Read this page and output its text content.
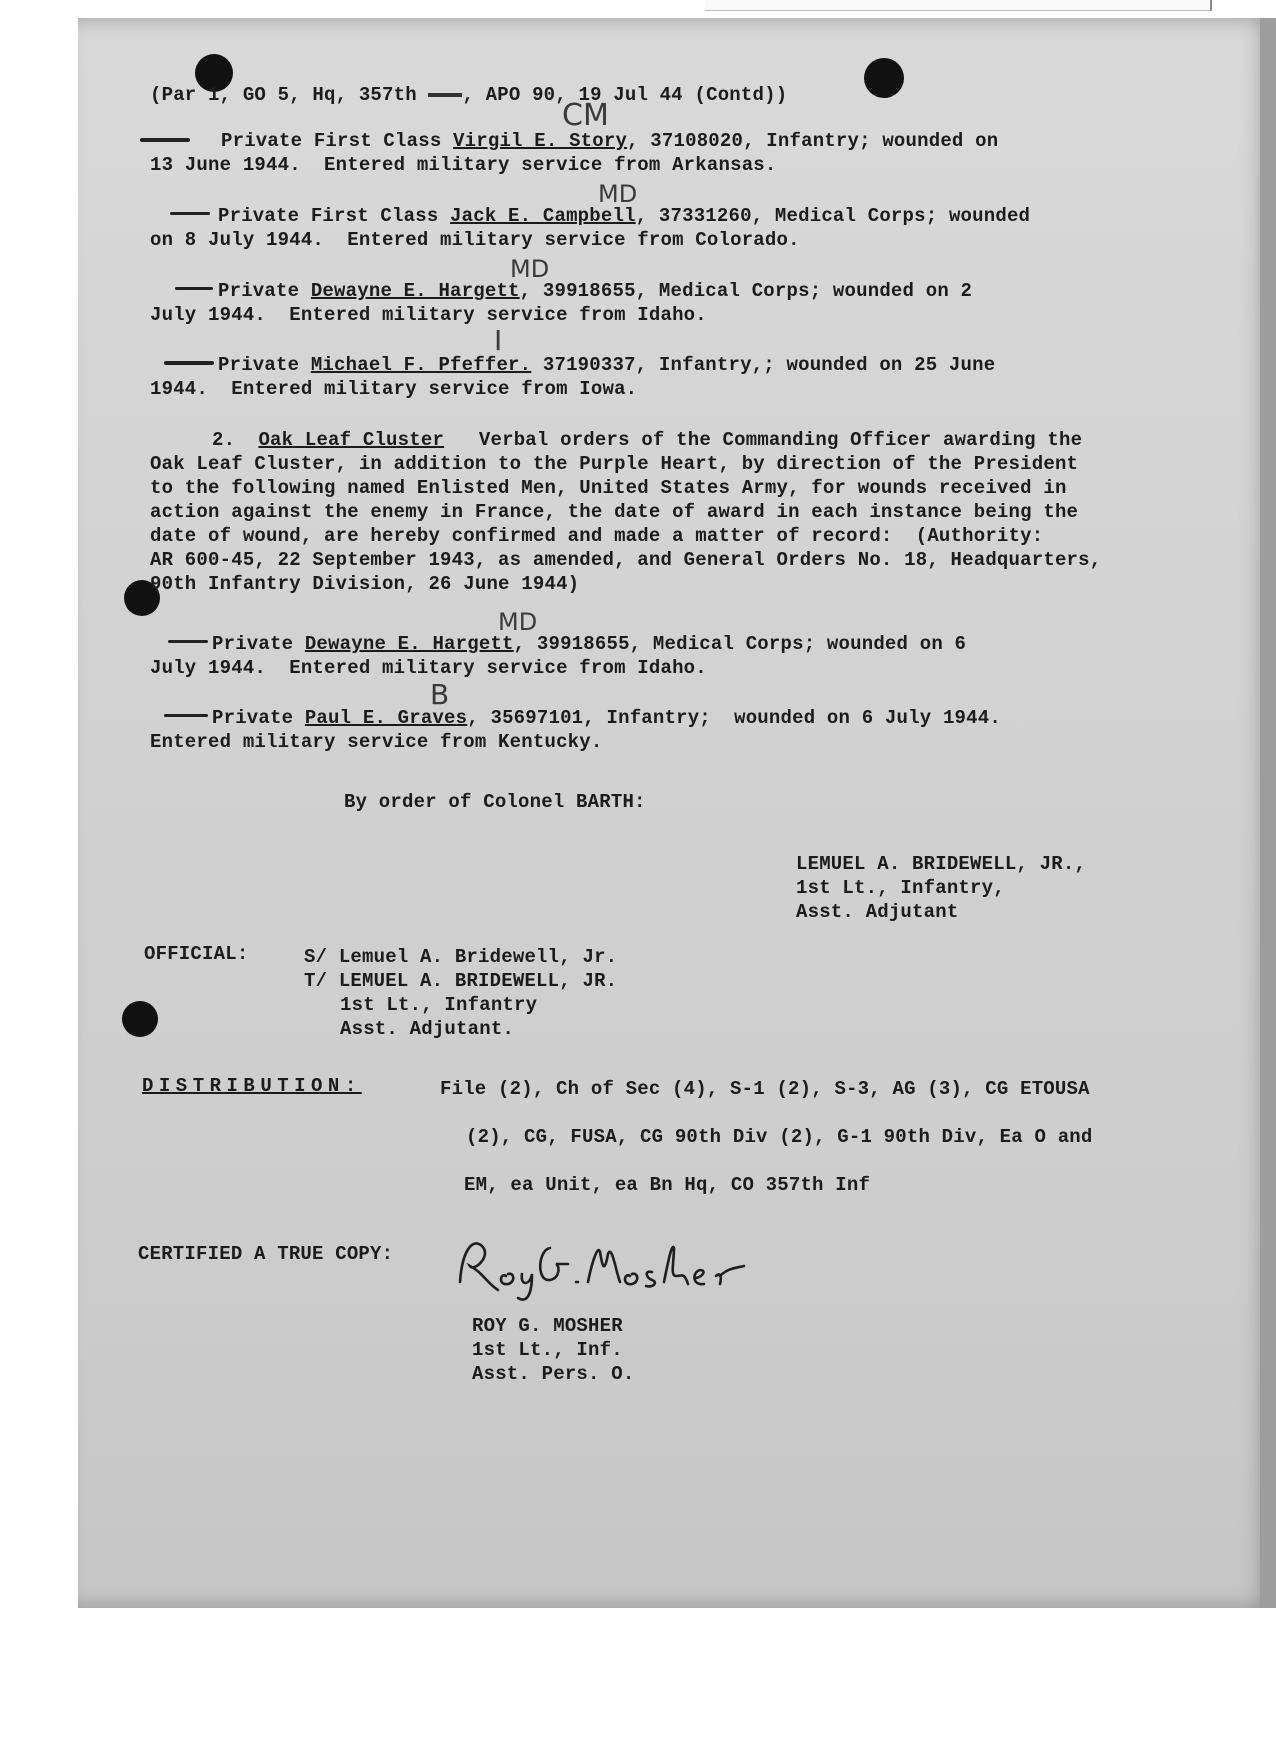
(Par 1, GO 5, Hq, 357th , APO 90, 19 Jul 44 (Contd))
CM
Private First Class Virgil E. Story, 37108020, Infantry; wounded on
13 June 1944.  Entered military service from Arkansas.
MD
Private First Class Jack E. Campbell, 37331260, Medical Corps; wounded
on 8 July 1944.  Entered military service from Colorado.
MD
Private Dewayne E. Hargett, 39918655, Medical Corps; wounded on 2
July 1944.  Entered military service from Idaho.
I
Private Michael F. Pfeffer. 37190337, Infantry,; wounded on 25 June
1944.  Entered military service from Iowa.
2. Oak Leaf Cluster Verbal orders of the Commanding Officer awarding the
Oak Leaf Cluster, in addition to the Purple Heart, by direction of the President
to the following named Enlisted Men, United States Army, for wounds received in
action against the enemy in France, the date of award in each instance being the
date of wound, are hereby confirmed and made a matter of record:  (Authority:
AR 600-45, 22 September 1943, as amended, and General Orders No. 18, Headquarters,
90th Infantry Division, 26 June 1944)
MD
Private Dewayne E. Hargett, 39918655, Medical Corps; wounded on 6
July 1944.  Entered military service from Idaho.
B
Private Paul E. Graves, 35697101, Infantry;  wounded on 6 July 1944.
Entered military service from Kentucky.
By order of Colonel BARTH:
LEMUEL A. BRIDEWELL, JR.,
1st Lt., Infantry,
Asst. Adjutant
OFFICIAL:	S/ Lemuel A. Bridewell, Jr.
T/ LEMUEL A. BRIDEWELL, JR.
1st Lt., Infantry
Asst. Adjutant.
DISTRIBUTION:	File (2), Ch of Sec (4), S-1 (2), S-3, AG (3), CG ETOUSA
(2), CG, FUSA, CG 90th Div (2), G-1 90th Div, Ea O and
EM, ea Unit, ea Bn Hq, CO 357th Inf
CERTIFIED A TRUE COPY:
ROY G. MOSHER
1st Lt., Inf.
Asst. Pers. O.
